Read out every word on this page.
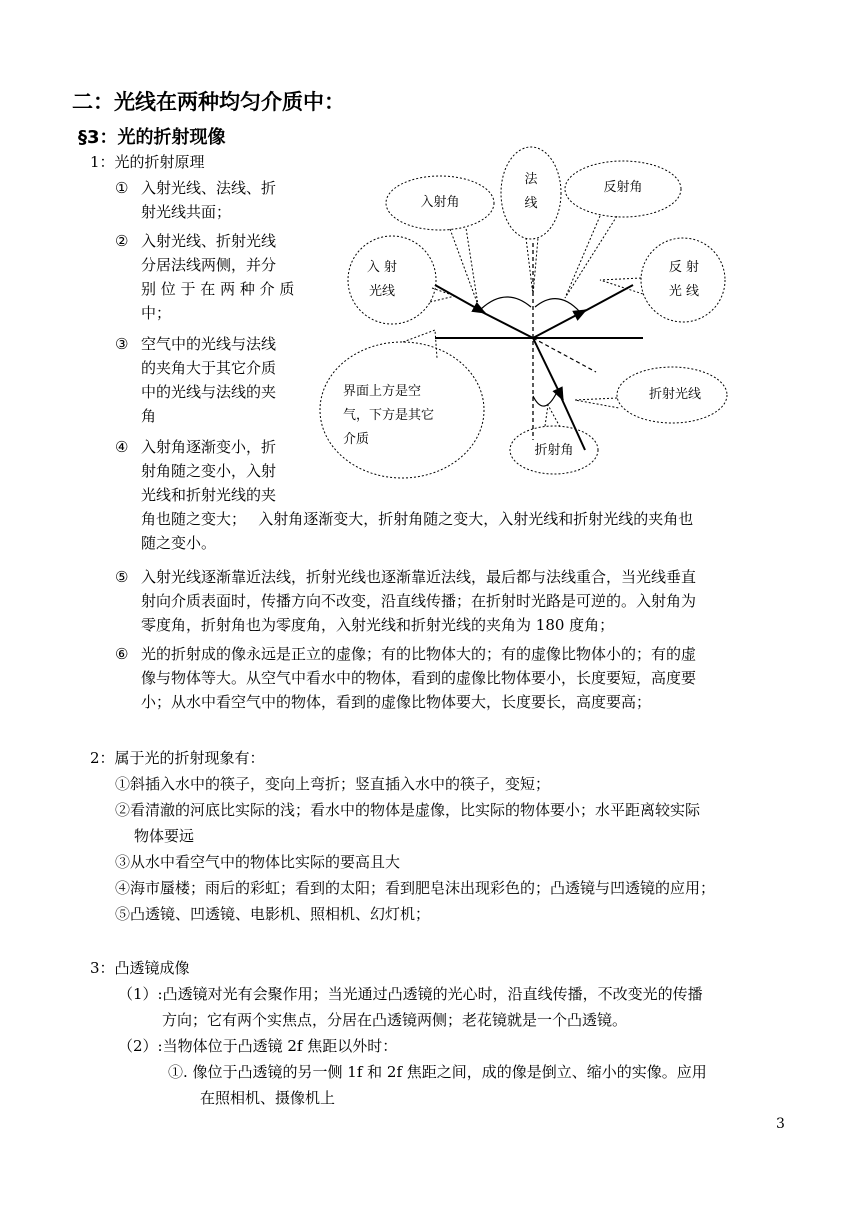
二：光线在两种均匀介质中：
§3：光的折射现像
1：光的折射原理
① 入射光线、法线、折
射光线共面；
② 入射光线、折射光线
分居法线两侧，并分
别 位 于 在 两 种 介 质
中；
③ 空气中的光线与法线
的夹角大于其它介质
中的光线与法线的夹
角
④ 入射角逐渐变小，折
射角随之变小，入射
光线和折射光线的夹
角也随之变大；　 入射角逐渐变大，折射角随之变大，入射光线和折射光线的夹角也
随之变小。
⑤ 入射光线逐渐靠近法线，折射光线也逐渐靠近法线，最后都与法线重合，当光线垂直
射向介质表面时，传播方向不改变，沿直线传播；在折射时光路是可逆的。入射角为
零度角，折射角也为零度角，入射光线和折射光线的夹角为 180 度角；
⑥ 光的折射成的像永远是正立的虚像；有的比物体大的；有的虚像比物体小的；有的虚
像与物体等大。从空气中看水中的物体，看到的虚像比物体要小，长度要短，高度要
小；从水中看空气中的物体，看到的虚像比物体要大，长度要长，高度要高；
入射角
法
线
反射角
入 射
光线
反 射
光 线
界面上方是空
气，下方是其它
介质
折射光线
折射角
2：属于光的折射现象有：
①斜插入水中的筷子，变向上弯折；竖直插入水中的筷子，变短；
②看清澈的河底比实际的浅；看水中的物体是虚像，比实际的物体要小；水平距离较实际
物体要远
③从水中看空气中的物体比实际的要高且大
④海市蜃楼；雨后的彩虹；看到的太阳；看到肥皂沫出现彩色的；凸透镜与凹透镜的应用；
⑤凸透镜、凹透镜、电影机、照相机、幻灯机；
3：凸透镜成像
（1）:凸透镜对光有会聚作用；当光通过凸透镜的光心时，沿直线传播，不改变光的传播
方向；它有两个实焦点，分居在凸透镜两侧；老花镜就是一个凸透镜。
（2）:当物体位于凸透镜 2f 焦距以外时：
①. 像位于凸透镜的另一侧 1f 和 2f 焦距之间，成的像是倒立、缩小的实像。应用
在照相机、摄像机上
3
